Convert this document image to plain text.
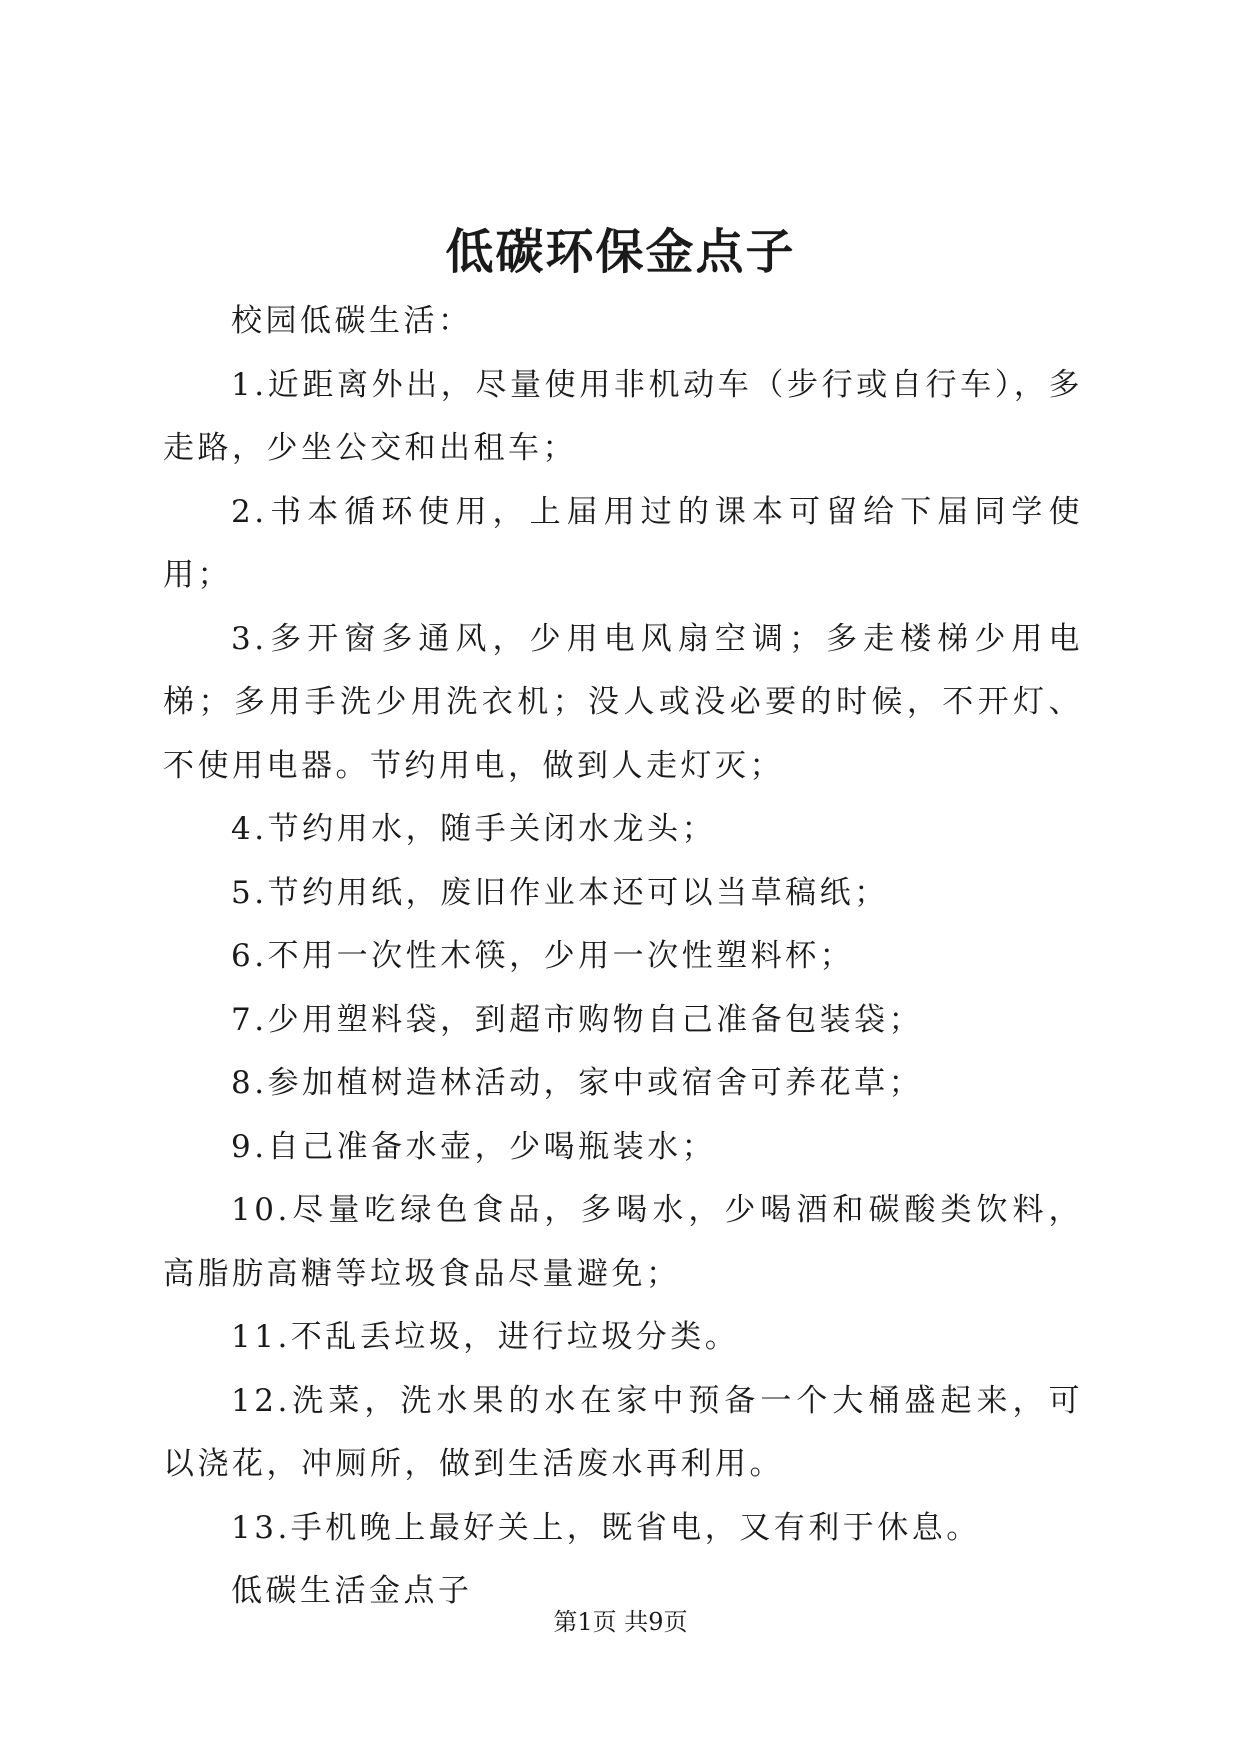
低碳环保金点子

校园低碳生活：

1.近距离外出，尽量使用非机动车（步行或自行车），多走路，少坐公交和出租车；

2.书本循环使用，上届用过的课本可留给下届同学使用；

3.多开窗多通风，少用电风扇空调；多走楼梯少用电梯；多用手洗少用洗衣机；没人或没必要的时候，不开灯、不使用电器。节约用电，做到人走灯灭；

4.节约用水，随手关闭水龙头；

5.节约用纸，废旧作业本还可以当草稿纸；

6.不用一次性木筷，少用一次性塑料杯；

7.少用塑料袋，到超市购物自己准备包装袋；

8.参加植树造林活动，家中或宿舍可养花草；

9.自己准备水壶，少喝瓶装水；

10.尽量吃绿色食品，多喝水，少喝酒和碳酸类饮料，高脂肪高糖等垃圾食品尽量避免；

11.不乱丢垃圾，进行垃圾分类。

12.洗菜，洗水果的水在家中预备一个大桶盛起来，可以浇花，冲厕所，做到生活废水再利用。

13.手机晚上最好关上，既省电，又有利于休息。

低碳生活金点子

第1页 共9页
